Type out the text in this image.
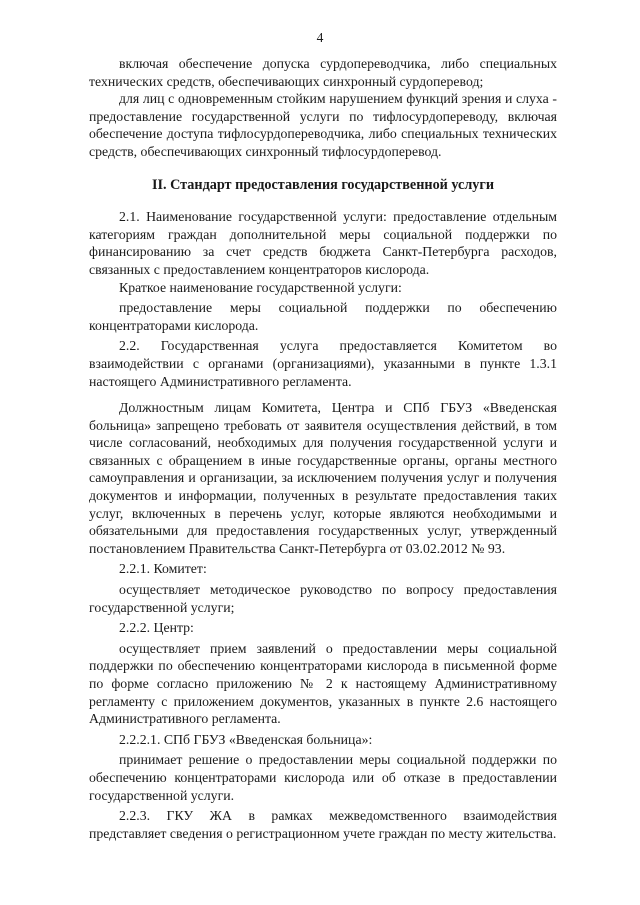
4

включая обеспечение допуска сурдопереводчика, либо специальных технических средств, обеспечивающих синхронный сурдоперевод;

для лиц с одновременным стойким нарушением функций зрения и слуха - предоставление государственной услуги по тифлосурдопереводу, включая обеспечение доступа тифлосурдопереводчика, либо специальных технических средств, обеспечивающих синхронный тифлосурдоперевод.

II. Стандарт предоставления государственной услуги

2.1. Наименование государственной услуги: предоставление отдельным категориям граждан дополнительной меры социальной поддержки по финансированию за счет средств бюджета Санкт-Петербурга расходов, связанных с предоставлением концентраторов кислорода.

Краткое наименование государственной услуги:

предоставление меры социальной поддержки по обеспечению концентраторами кислорода.

2.2. Государственная услуга предоставляется Комитетом во взаимодействии с органами (организациями), указанными в пункте 1.3.1 настоящего Административного регламента.

Должностным лицам Комитета, Центра и СПб ГБУЗ «Введенская больница» запрещено требовать от заявителя осуществления действий, в том числе согласований, необходимых для получения государственной услуги и связанных с обращением в иные государственные органы, органы местного самоуправления и организации, за исключением получения услуг и получения документов и информации, полученных в результате предоставления таких услуг, включенных в перечень услуг, которые являются необходимыми и обязательными для предоставления государственных услуг, утвержденный постановлением Правительства Санкт-Петербурга от 03.02.2012 № 93.

2.2.1. Комитет:

осуществляет методическое руководство по вопросу предоставления государственной услуги;

2.2.2. Центр:

осуществляет прием заявлений о предоставлении меры социальной поддержки по обеспечению концентраторами кислорода в письменной форме по форме согласно приложению № 2 к настоящему Административному регламенту с приложением документов, указанных в пункте 2.6 настоящего Административного регламента.

2.2.2.1. СПб ГБУЗ «Введенская больница»:

принимает решение о предоставлении меры социальной поддержки по обеспечению концентраторами кислорода или об отказе в предоставлении государственной услуги.

2.2.3. ГКУ ЖА в рамках межведомственного взаимодействия представляет сведения о регистрационном учете граждан по месту жительства.
